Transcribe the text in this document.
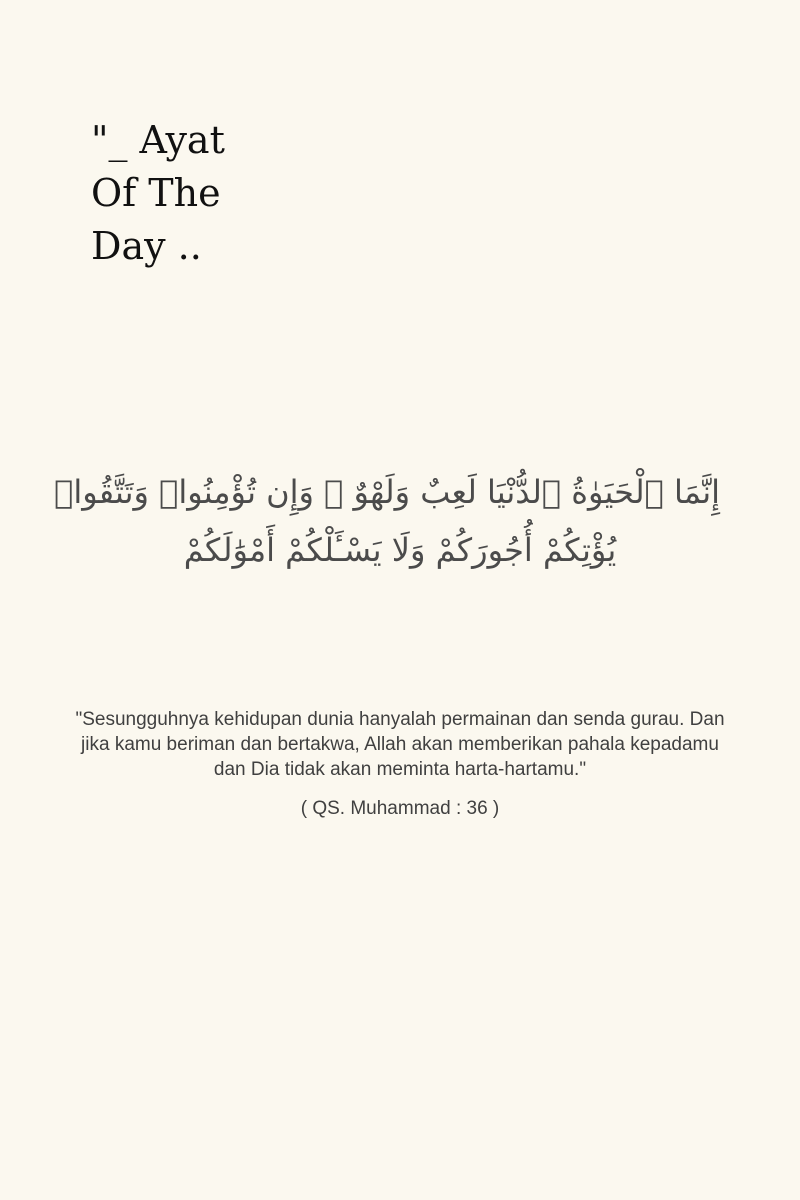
"_ Ayat
Of The
Day ..
إِنَّمَا ٱلْحَيَوٰةُ ٱلدُّنْيَا لَعِبٌ وَلَهْوٌ ۚ وَإِن تُؤْمِنُوا۟ وَتَتَّقُوا۟
يُؤْتِكُمْ أُجُورَكُمْ وَلَا يَسْـَٔلْكُمْ أَمْوَٰلَكُمْ
"Sesungguhnya kehidupan dunia hanyalah permainan dan senda gurau. Dan
jika kamu beriman dan bertakwa, Allah akan memberikan pahala kepadamu
dan Dia tidak akan meminta harta-hartamu."
( QS. Muhammad : 36 )
